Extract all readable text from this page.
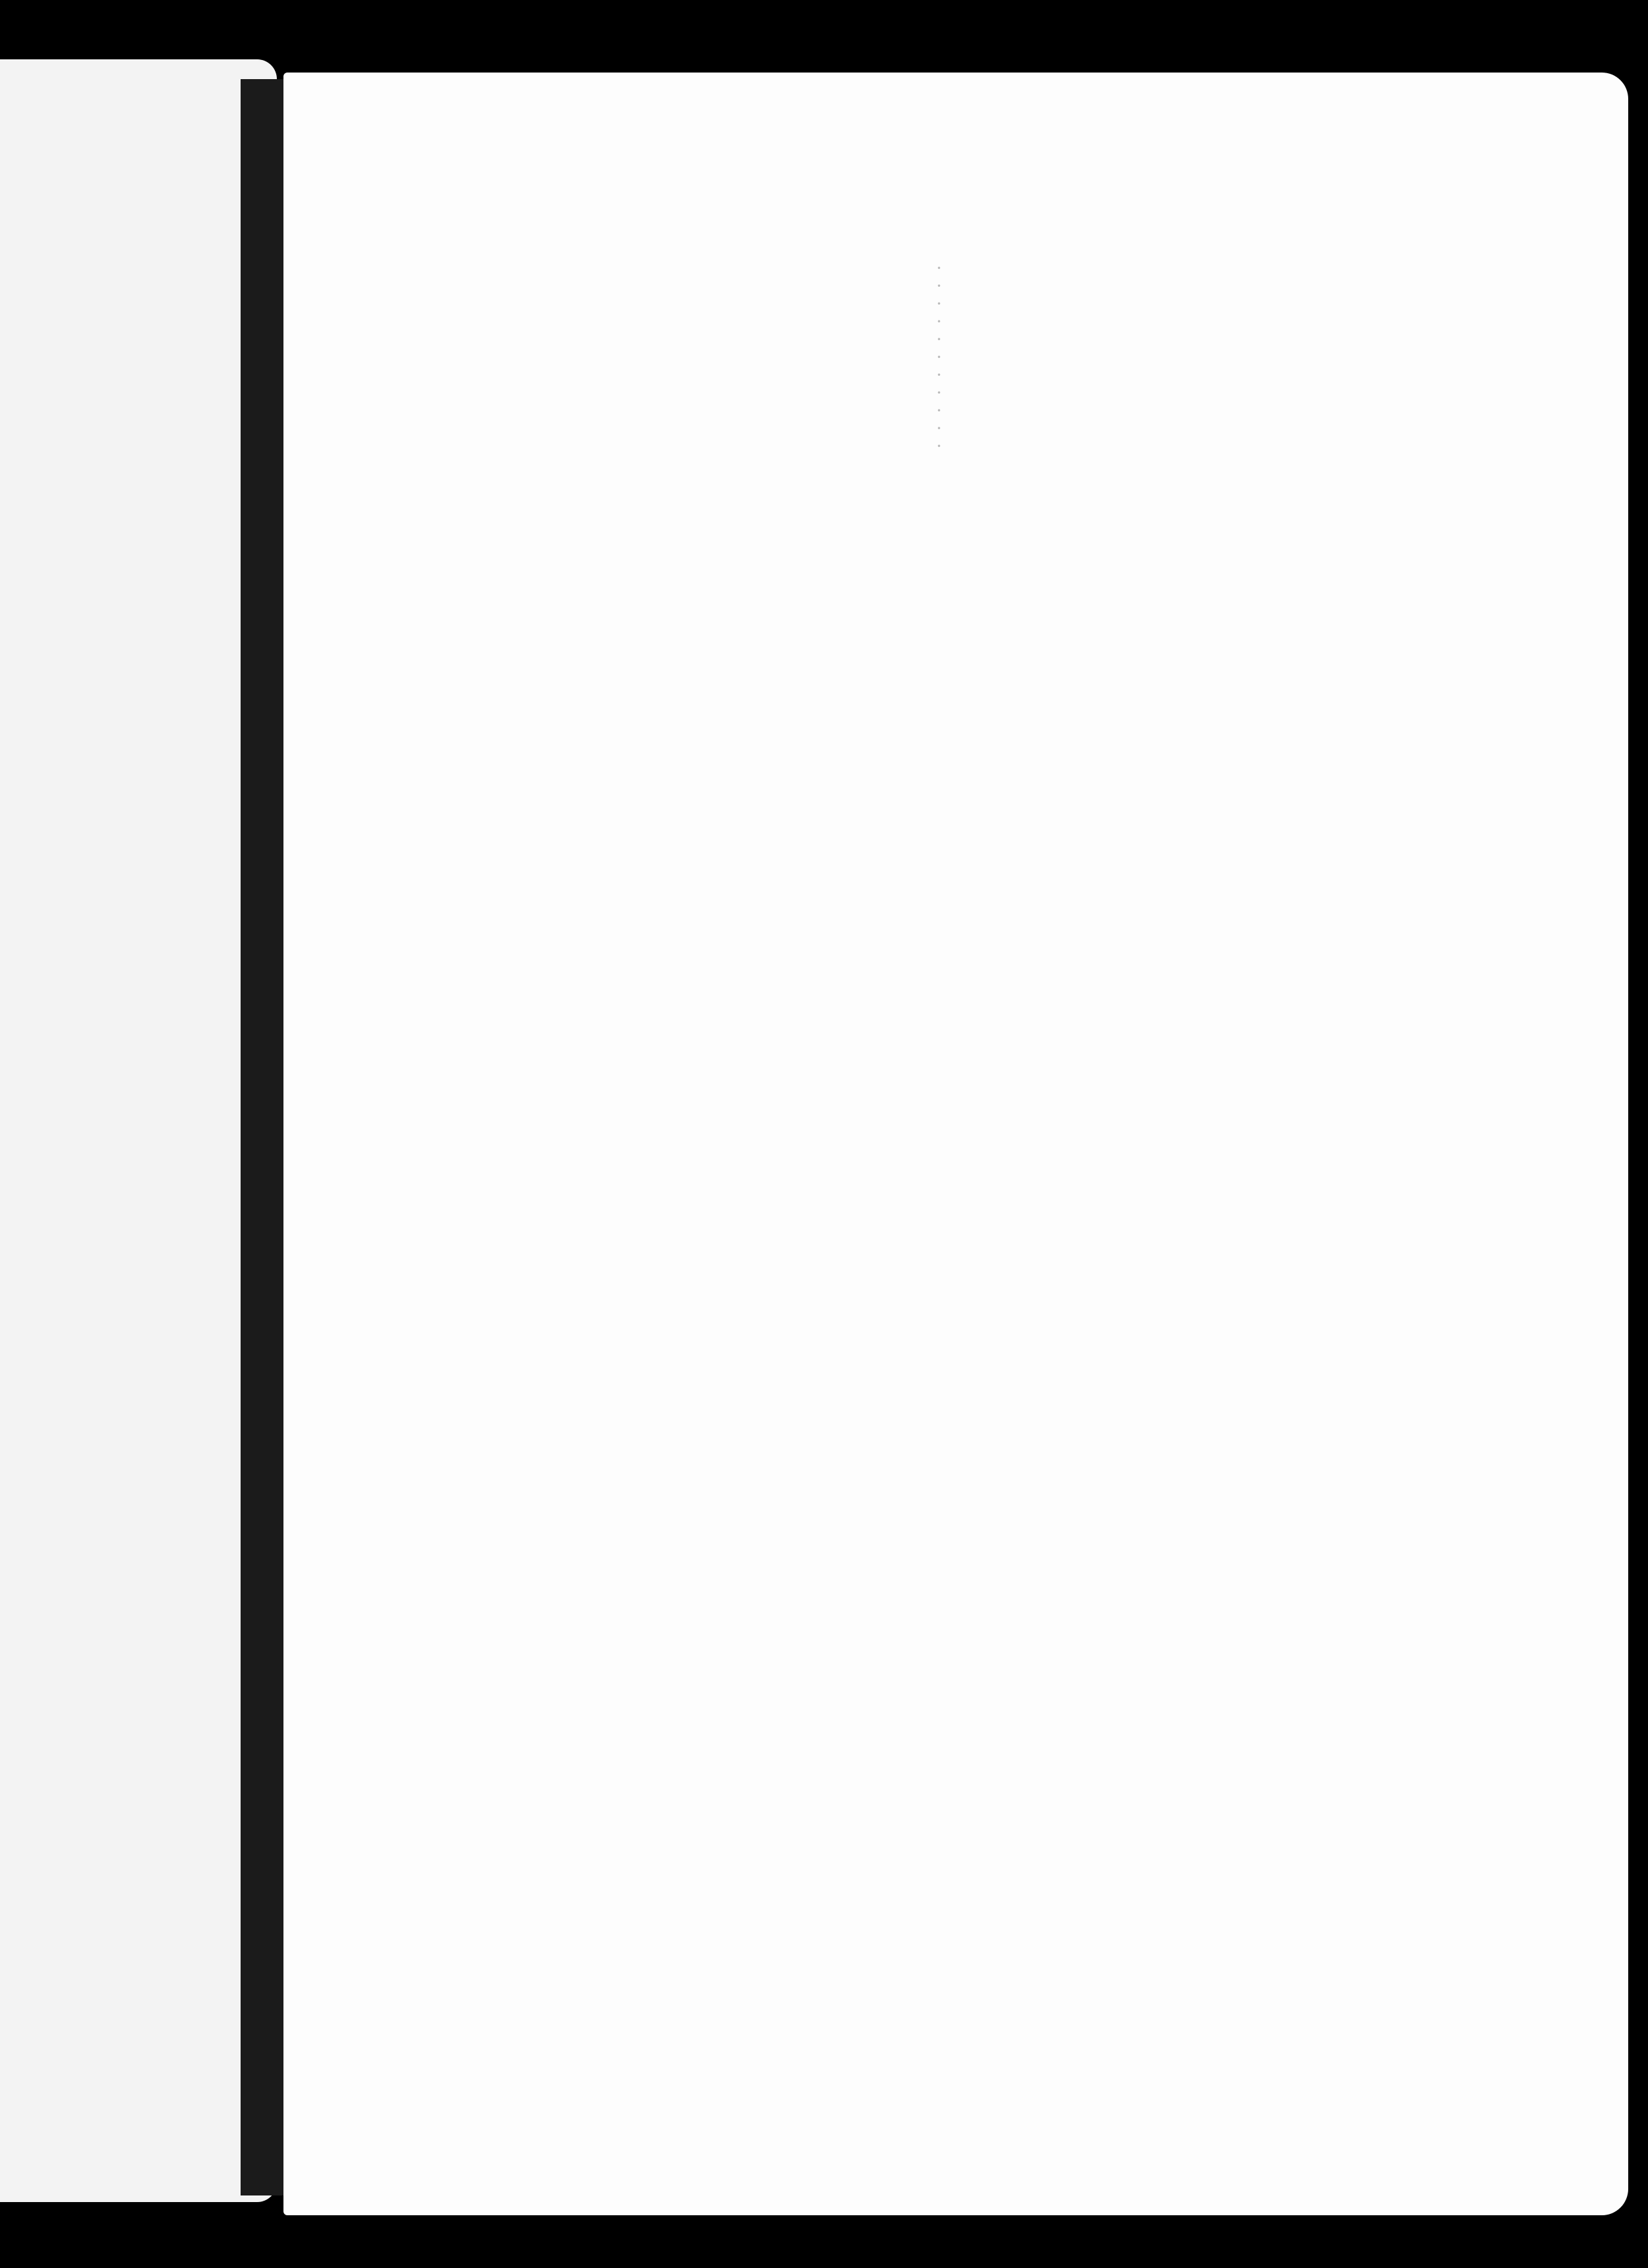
. . . . . . . . . . .
